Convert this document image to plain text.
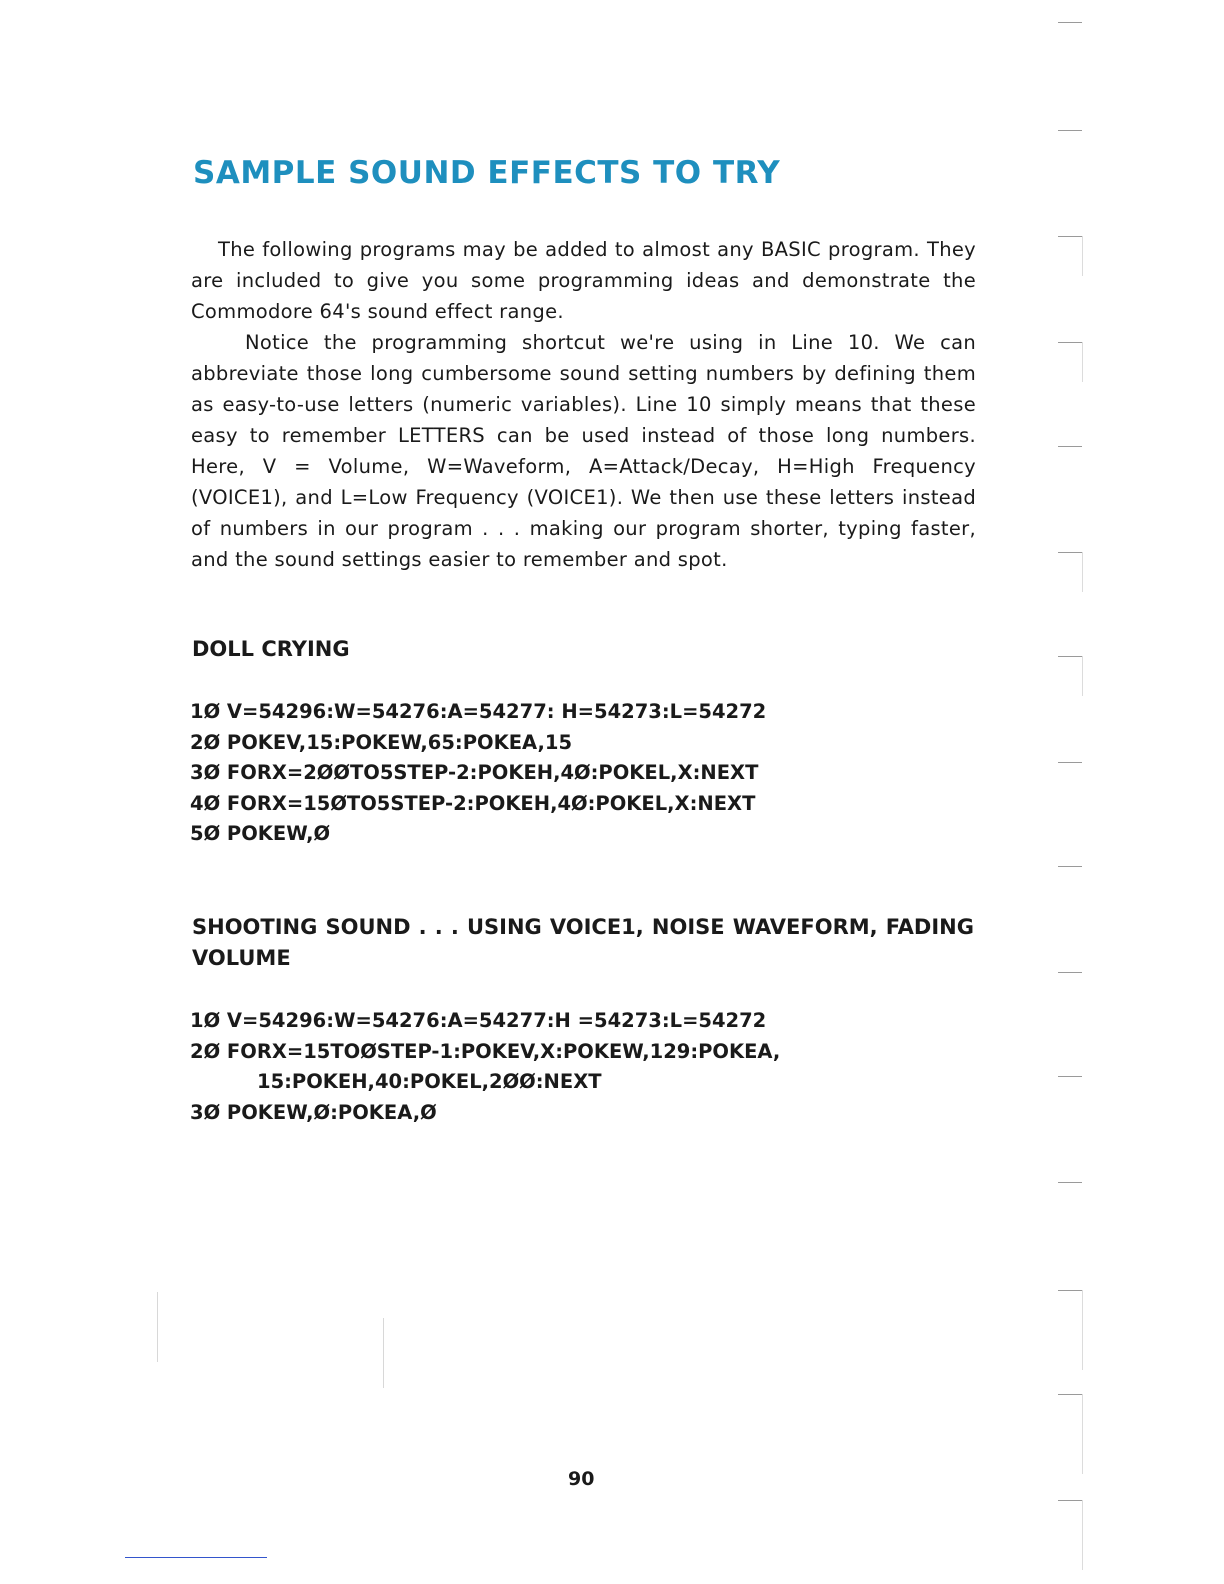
SAMPLE SOUND EFFECTS TO TRY

The following programs may be added to almost any BASIC program. They are included to give you some programming ideas and demonstrate the Commodore 64's sound effect range.

Notice the programming shortcut we're using in Line 10. We can abbreviate those long cumbersome sound setting numbers by defining them as easy-to-use letters (numeric variables). Line 10 simply means that these easy to remember LETTERS can be used instead of those long numbers. Here, V = Volume, W=Waveform, A=Attack/Decay, H=High Frequency (VOICE1), and L=Low Frequency (VOICE1). We then use these letters instead of numbers in our program . . . making our program shorter, typing faster, and the sound settings easier to remember and spot.

DOLL CRYING
1Ø V=54296:W=54276:A=54277: H=54273:L=54272
2Ø POKEV,15:POKEW,65:POKEA,15
3Ø FORX=2ØØTO5STEP-2:POKEH,4Ø:POKEL,X:NEXT
4Ø FORX=15ØTO5STEP-2:POKEH,4Ø:POKEL,X:NEXT
5Ø POKEW,Ø
SHOOTING SOUND . . . USING VOICE1, NOISE WAVEFORM, FADING VOLUME
1Ø V=54296:W=54276:A=54277:H =54273:L=54272
2Ø FORX=15TOØSTEP-1:POKEV,X:POKEW,129:POKEA,
15:POKEH,40:POKEL,2ØØ:NEXT
3Ø POKEW,Ø:POKEA,Ø
90
